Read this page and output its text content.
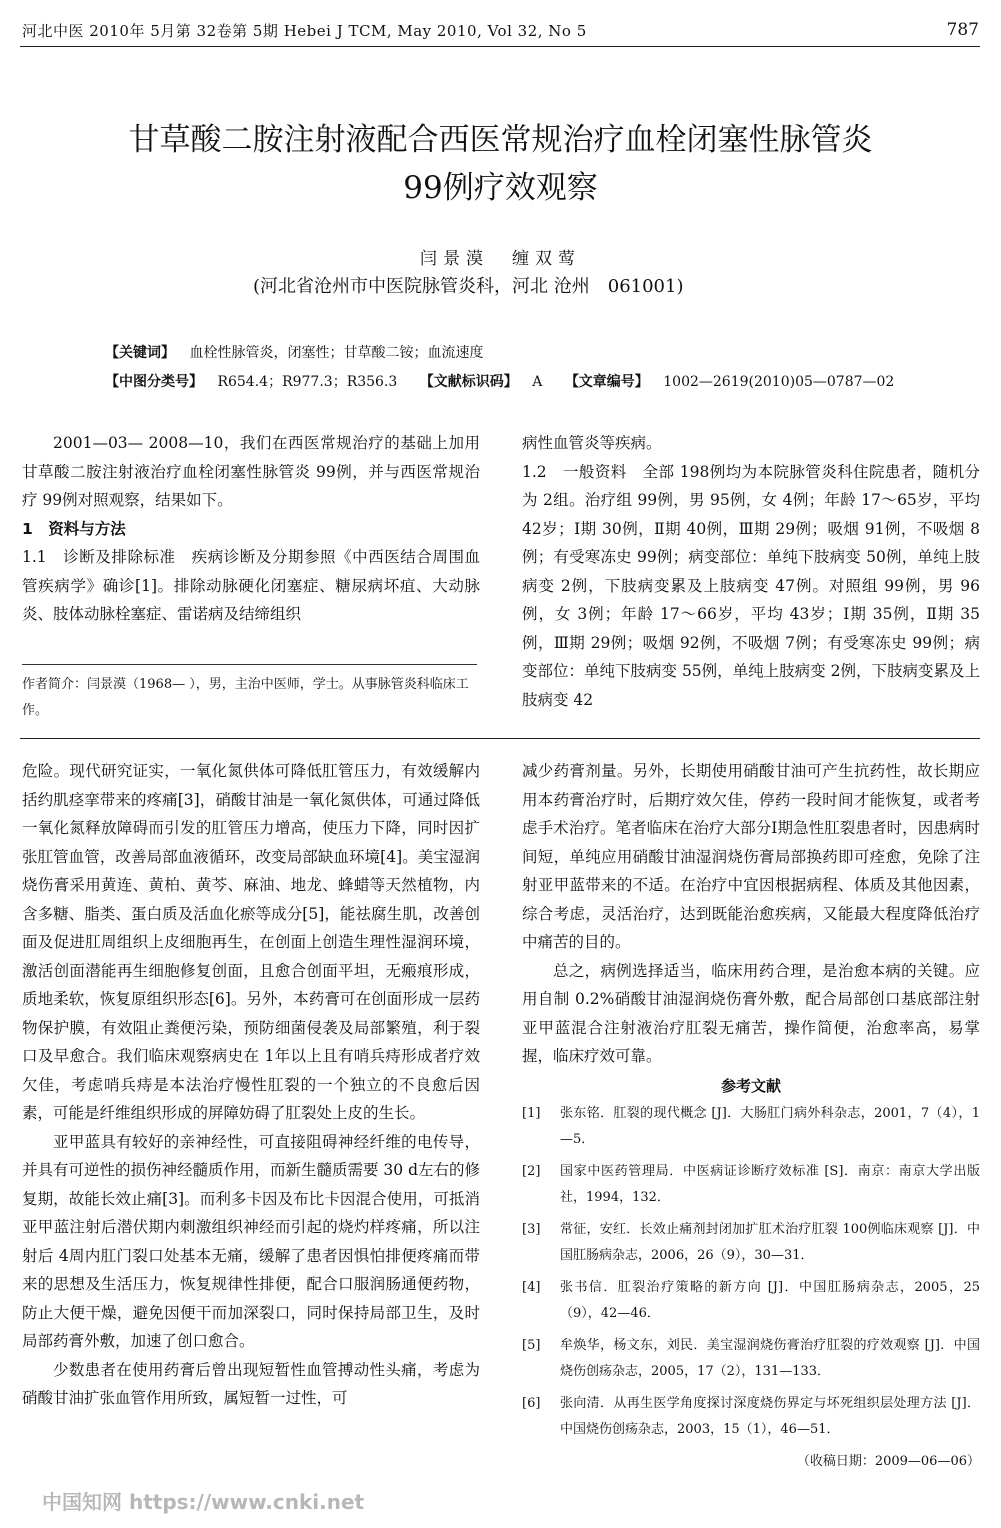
河北中医 2010年 5月第 32卷第 5期 Hebei J TCM, May 2010, Vol 32, No 5	787
甘草酸二胺注射液配合西医常规治疗血栓闭塞性脉管炎
99例疗效观察
闫景漠　缠双莺
(河北省沧州市中医院脉管炎科，河北 沧州　061001)
【关键词】 血栓性脉管炎，闭塞性；甘草酸二铵；血流速度
【中图分类号】 R654.4；R977.3；R356.3 【文献标识码】 A 【文章编号】 1002—2619(2010)05—0787—02

2001—03— 2008—10，我们在西医常规治疗的基础上加用甘草酸二胺注射液治疗血栓闭塞性脉管炎 99例，并与西医常规治疗 99例对照观察，结果如下。

1　资料与方法

1.1　诊断及排除标准　疾病诊断及分期参照《中西医结合周围血管疾病学》确诊[1]。排除动脉硬化闭塞症、糖尿病坏疽、大动脉炎、肢体动脉栓塞症、雷诺病及结缔组织

作者简介：闫景漠（1968— ），男，主治中医师，学士。从事脉管炎科临床工作。

病性血管炎等疾病。

1.2　一般资料　全部 198例均为本院脉管炎科住院患者，随机分为 2组。治疗组 99例，男 95例，女 4例；年龄 17～65岁，平均 42岁；Ⅰ期 30例，Ⅱ期 40例，Ⅲ期 29例；吸烟 91例，不吸烟 8例；有受寒冻史 99例；病变部位：单纯下肢病变 50例，单纯上肢病变 2例，下肢病变累及上肢病变 47例。对照组 99例，男 96例，女 3例；年龄 17～66岁，平均 43岁；Ⅰ期 35例，Ⅱ期 35例，Ⅲ期 29例；吸烟 92例，不吸烟 7例；有受寒冻史 99例；病变部位：单纯下肢病变 55例，单纯上肢病变 2例，下肢病变累及上肢病变 42

危险。现代研究证实，一氧化氮供体可降低肛管压力，有效缓解内括约肌痉挛带来的疼痛[3]，硝酸甘油是一氧化氮供体，可通过降低一氧化氮释放障碍而引发的肛管压力增高，使压力下降，同时因扩张肛管血管，改善局部血液循环，改变局部缺血环境[4]。美宝湿润烧伤膏采用黄连、黄柏、黄芩、麻油、地龙、蜂蜡等天然植物，内含多糖、脂类、蛋白质及活血化瘀等成分[5]，能祛腐生肌，改善创面及促进肛周组织上皮细胞再生，在创面上创造生理性湿润环境，激活创面潜能再生细胞修复创面，且愈合创面平坦，无瘢痕形成，质地柔软，恢复原组织形态[6]。另外，本药膏可在创面形成一层药物保护膜，有效阻止粪便污染，预防细菌侵袭及局部繁殖，利于裂口及早愈合。我们临床观察病史在 1年以上且有哨兵痔形成者疗效欠佳，考虑哨兵痔是本法治疗慢性肛裂的一个独立的不良愈后因素，可能是纤维组织形成的屏障妨碍了肛裂处上皮的生长。

亚甲蓝具有较好的亲神经性，可直接阻碍神经纤维的电传导，并具有可逆性的损伤神经髓质作用，而新生髓质需要 30 d左右的修复期，故能长效止痛[3]。而利多卡因及布比卡因混合使用，可抵消亚甲蓝注射后潜伏期内刺激组织神经而引起的烧灼样疼痛，所以注射后 4周内肛门裂口处基本无痛，缓解了患者因惧怕排便疼痛而带来的思想及生活压力，恢复规律性排便，配合口服润肠通便药物，防止大便干燥，避免因便干而加深裂口，同时保持局部卫生，及时局部药膏外敷，加速了创口愈合。

少数患者在使用药膏后曾出现短暂性血管搏动性头痛，考虑为硝酸甘油扩张血管作用所致，属短暂一过性，可

减少药膏剂量。另外，长期使用硝酸甘油可产生抗药性，故长期应用本药膏治疗时，后期疗效欠佳，停药一段时间才能恢复，或者考虑手术治疗。笔者临床在治疗大部分Ⅰ期急性肛裂患者时，因患病时间短，单纯应用硝酸甘油湿润烧伤膏局部换药即可痊愈，免除了注射亚甲蓝带来的不适。在治疗中宜因根据病程、体质及其他因素，综合考虑，灵活治疗，达到既能治愈疾病，又能最大程度降低治疗中痛苦的目的。

总之，病例选择适当，临床用药合理，是治愈本病的关键。应用自制 0.2%硝酸甘油湿润烧伤膏外敷，配合局部创口基底部注射亚甲蓝混合注射液治疗肛裂无痛苦，操作简便，治愈率高，易掌握，临床疗效可靠。

参考文献
[1]	张东铭．肛裂的现代概念 [J]．大肠肛门病外科杂志，2001，7（4），1—5．
[2]	国家中医药管理局．中医病证诊断疗效标准 [S]．南京：南京大学出版社，1994，132．
[3]	常征，安红．长效止痛剂封闭加扩肛术治疗肛裂 100例临床观察 [J]．中国肛肠病杂志，2006，26（9），30—31．
[4]	张书信．肛裂治疗策略的新方向 [J]．中国肛肠病杂志，2005，25（9），42—46．
[5]	牟焕华，杨文东，刘民．美宝湿润烧伤膏治疗肛裂的疗效观察 [J]．中国烧伤创疡杂志，2005，17（2），131—133．
[6]	张向清．从再生医学角度探讨深度烧伤界定与坏死组织层处理方法 [J]．中国烧伤创疡杂志，2003，15（1），46—51．
（收稿日期：2009—06—06）
中国知网 https://www.cnki.net
